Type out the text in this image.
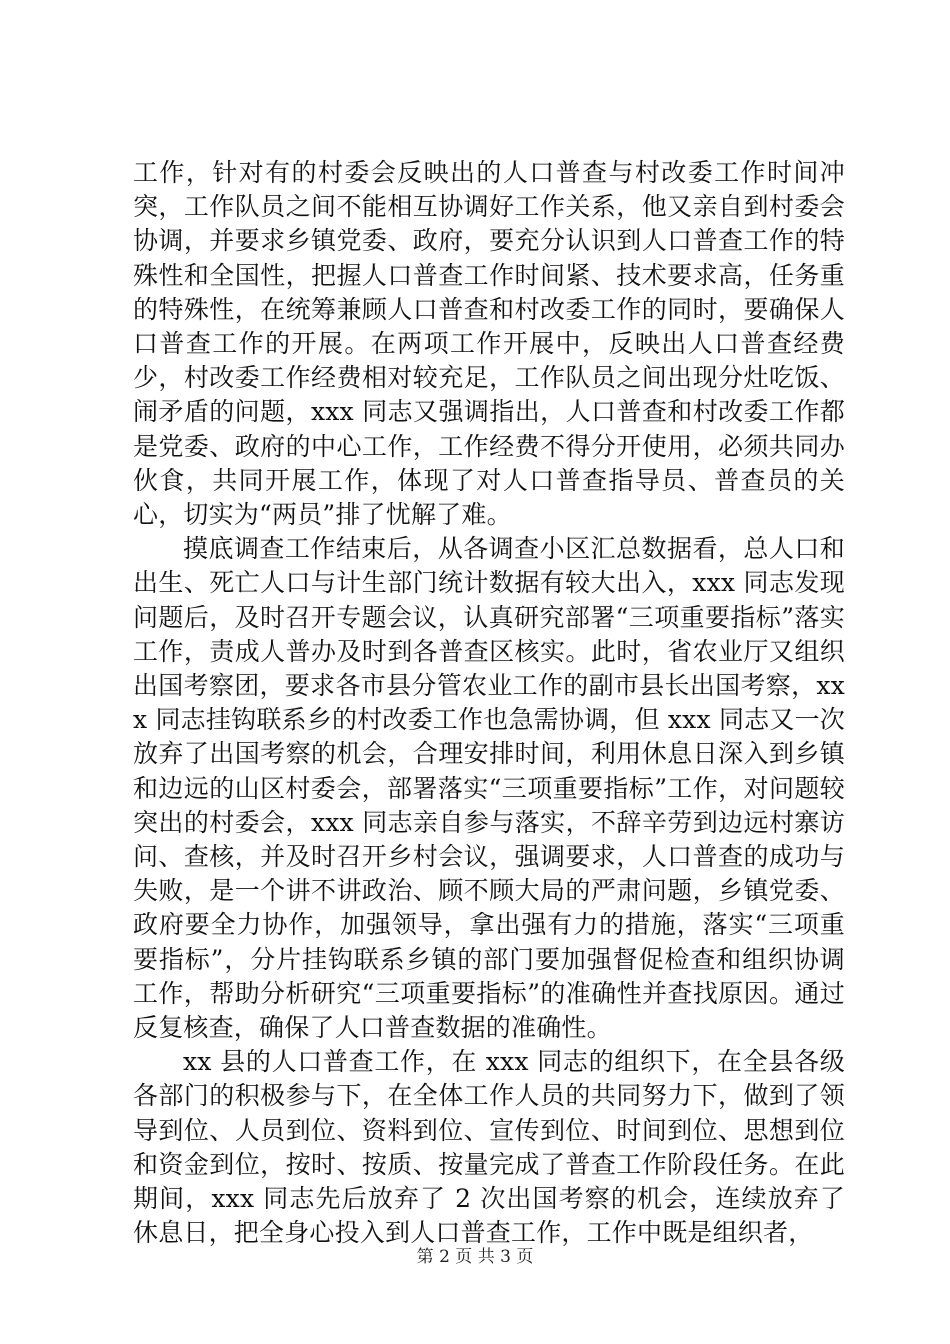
工作，针对有的村委会反映出的人口普查与村改委工作时间冲突，工作队员之间不能相互协调好工作关系，他又亲自到村委会协调，并要求乡镇党委、政府，要充分认识到人口普查工作的特殊性和全国性，把握人口普查工作时间紧、技术要求高，任务重的特殊性，在统筹兼顾人口普查和村改委工作的同时，要确保人口普查工作的开展。在两项工作开展中，反映出人口普查经费少，村改委工作经费相对较充足，工作队员之间出现分灶吃饭、闹矛盾的问题，xxx 同志又强调指出，人口普查和村改委工作都是党委、政府的中心工作，工作经费不得分开使用，必须共同办伙食，共同开展工作，体现了对人口普查指导员、普查员的关心，切实为“两员”排了忧解了难。

摸底调查工作结束后，从各调查小区汇总数据看，总人口和出生、死亡人口与计生部门统计数据有较大出入，xxx 同志发现问题后，及时召开专题会议，认真研究部署“三项重要指标”落实工作，责成人普办及时到各普查区核实。此时，省农业厅又组织出国考察团，要求各市县分管农业工作的副市县长出国考察，xxx 同志挂钩联系乡的村改委工作也急需协调，但 xxx 同志又一次放弃了出国考察的机会，合理安排时间，利用休息日深入到乡镇和边远的山区村委会，部署落实“三项重要指标”工作，对问题较突出的村委会，xxx 同志亲自参与落实，不辞辛劳到边远村寨访问、查核，并及时召开乡村会议，强调要求，人口普查的成功与失败，是一个讲不讲政治、顾不顾大局的严肃问题，乡镇党委、政府要全力协作，加强领导，拿出强有力的措施，落实“三项重要指标”，分片挂钩联系乡镇的部门要加强督促检查和组织协调工作，帮助分析研究“三项重要指标”的准确性并查找原因。通过反复核查，确保了人口普查数据的准确性。

xx 县的人口普查工作，在 xxx 同志的组织下，在全县各级各部门的积极参与下，在全体工作人员的共同努力下，做到了领导到位、人员到位、资料到位、宣传到位、时间到位、思想到位和资金到位，按时、按质、按量完成了普查工作阶段任务。在此期间，xxx 同志先后放弃了 2 次出国考察的机会，连续放弃了休息日，把全身心投入到人口普查工作，工作中既是组织者，

第 2 页 共 3 页
